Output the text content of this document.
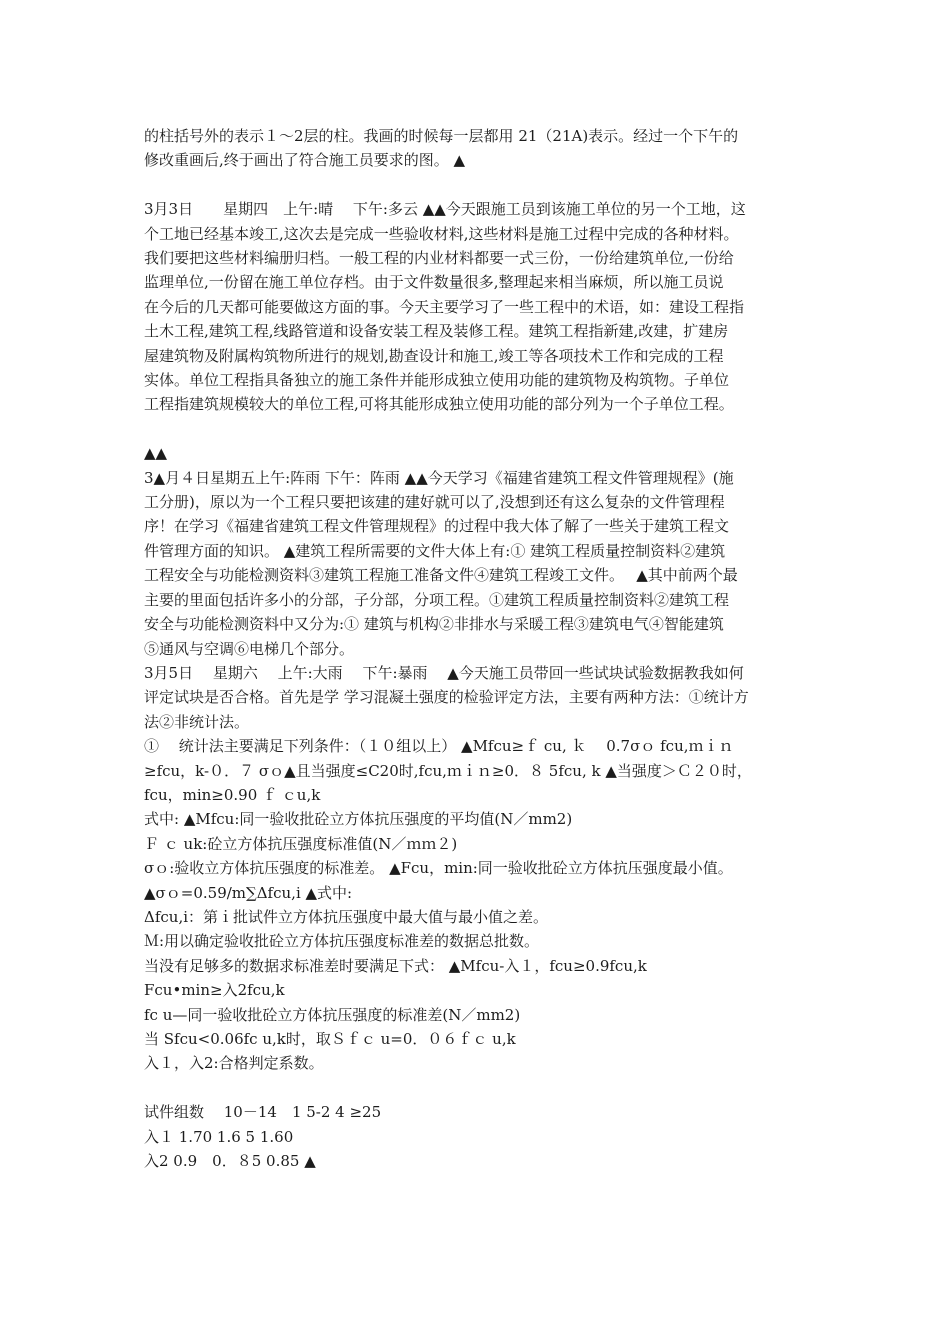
的柱括号外的表示１～2层的柱。我画的时候每一层都用 21（21A)表示。经过一个下午的
修改重画后,终于画出了符合施工员要求的图。 ▲
3月3日　　星期四　上午:晴　 下午:多云 ▲▲今天跟施工员到该施工单位的另一个工地，这
个工地已经基本竣工,这次去是完成一些验收材料,这些材料是施工过程中完成的各种材料。
我们要把这些材料编册归档。一般工程的内业材料都要一式三份，一份给建筑单位,一份给
监理单位,一份留在施工单位存档。由于文件数量很多,整理起来相当麻烦，所以施工员说
在今后的几天都可能要做这方面的事。今天主要学习了一些工程中的术语，如：建设工程指
土木工程,建筑工程,线路管道和设备安装工程及装修工程。建筑工程指新建,改建，扩建房
屋建筑物及附属构筑物所进行的规划,勘查设计和施工,竣工等各项技术工作和完成的工程
实体。单位工程指具备独立的施工条件并能形成独立使用功能的建筑物及构筑物。子单位
工程指建筑规模较大的单位工程,可将其能形成独立使用功能的部分列为一个子单位工程。
▲▲
3▲月４日星期五上午:阵雨 下午：阵雨 ▲▲今天学习《福建省建筑工程文件管理规程》(施
工分册)，原以为一个工程只要把该建的建好就可以了,没想到还有这么复杂的文件管理程
序！在学习《福建省建筑工程文件管理规程》的过程中我大体了解了一些关于建筑工程文
件管理方面的知识。 ▲建筑工程所需要的文件大体上有:① 建筑工程质量控制资料②建筑
工程安全与功能检测资料③建筑工程施工准备文件④建筑工程竣工文件。　 ▲其中前两个最
主要的里面包括许多小的分部，子分部，分项工程。①建筑工程质量控制资料②建筑工程
安全与功能检测资料中又分为:① 建筑与机构②非排水与采暖工程③建筑电气④智能建筑
⑤通风与空调⑥电梯几个部分。
3月5日　 星期六　 上午:大雨　 下午:暴雨　 ▲今天施工员带回一些试块试验数据教我如何
评定试块是否合格。首先是学 学习混凝土强度的检验评定方法，主要有两种方法：①统计方
法②非统计法。
①　 统计法主要满足下列条件：（１０组以上） ▲Mfcu≥ｆ cu, ｋ　 0.7σｏ fcu,ｍｉｎ
≥fcu，k-０．７ σｏ▲且当强度≤C20时,fcu,ｍｉｎ≥0．８ 5fcu, k ▲当强度＞Ｃ２０时，
fcu，min≥0.90 ｆ ｃu,k
式中: ▲Mfcu:同一验收批砼立方体抗压强度的平均值(N／mm2)
Ｆ ｃ uk:砼立方体抗压强度标准值(N／ｍｍ２)
σｏ:验收立方体抗压强度的标准差。 ▲Fcu，min:同一验收批砼立方体抗压强度最小值。
▲σｏ=0.59/m∑Δfcu,i ▲式中:
Δfcu,i：第ｉ批试件立方体抗压强度中最大值与最小值之差。
Ｍ:用以确定验收批砼立方体抗压强度标准差的数据总批数。
当没有足够多的数据求标准差时要满足下式： ▲Mfcu-入１，fcu≥0.9fcu,k
Fcu•min≥入2fcu,k
fc u—同一验收批砼立方体抗压强度的标准差(N／mm2)
当 Sfcu<0.06fc u,k时，取Ｓｆｃ u=0．０６ｆｃ u,k
入１，入2:合格判定系数。
试件组数　 10－14　1 5-2 4 ≥25
入１ 1.70 1.6 5 1.60
入2 0.9　0．８5 0.85 ▲
